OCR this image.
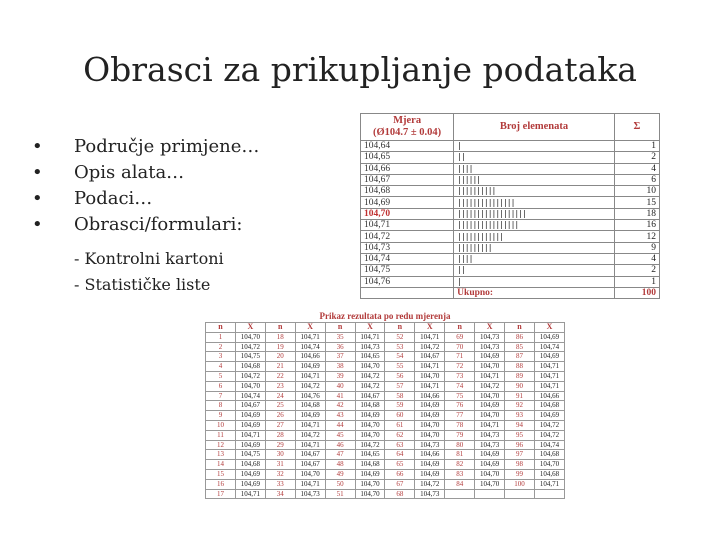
Obrasci za prikupljanje podataka
• Područje primjene…
• Opis alata…
• Podaci…
• Obrasci/formulari:
- Kontrolni kartoni
- Statističke liste
Mjera
(Ø104.7 ± 0.04)	Broj elemenata	Σ
104,64	|	1
104,65	||	2
104,66	||||	4
104,67	||||||	6
104,68	||||||||||	10
104,69	|||||||||||||||	15
104,70	||||||||||||||||||	18
104,71	||||||||||||||||	16
104,72	||||||||||||	12
104,73	|||||||||	9
104,74	||||	4
104,75	||	2
104,76	|	1
	Ukupno:	100
Prikaz rezultata po redu mjerenja
n	X	n	X	n	X	n	X	n	X	n	X
1	104,70	18	104,71	35	104,71	52	104,71	69	104,73	86	104,69
2	104,72	19	104,74	36	104,73	53	104,72	70	104,73	85	104,74
3	104,75	20	104,66	37	104,65	54	104,67	71	104,69	87	104,69
4	104,68	21	104,69	38	104,70	55	104,71	72	104,70	88	104,71
5	104,72	22	104,71	39	104,72	56	104,70	73	104,71	89	104,71
6	104,70	23	104,72	40	104,72	57	104,71	74	104,72	90	104,71
7	104,74	24	104,76	41	104,67	58	104,66	75	104,70	91	104,66
8	104,67	25	104,68	42	104,68	59	104,69	76	104,69	92	104,68
9	104,69	26	104,69	43	104,69	60	104,69	77	104,70	93	104,69
10	104,69	27	104,71	44	104,70	61	104,70	78	104,71	94	104,72
11	104,71	28	104,72	45	104,70	62	104,70	79	104,73	95	104,72
12	104,69	29	104,71	46	104,72	63	104,73	80	104,73	96	104,74
13	104,75	30	104,67	47	104,65	64	104,66	81	104,69	97	104,68
14	104,68	31	104,67	48	104,68	65	104,69	82	104,69	98	104,70
15	104,69	32	104,70	49	104,69	66	104,69	83	104,70	99	104,68
16	104,69	33	104,71	50	104,70	67	104,72	84	104,70	100	104,71
17	104,71	34	104,73	51	104,70	68	104,73				
